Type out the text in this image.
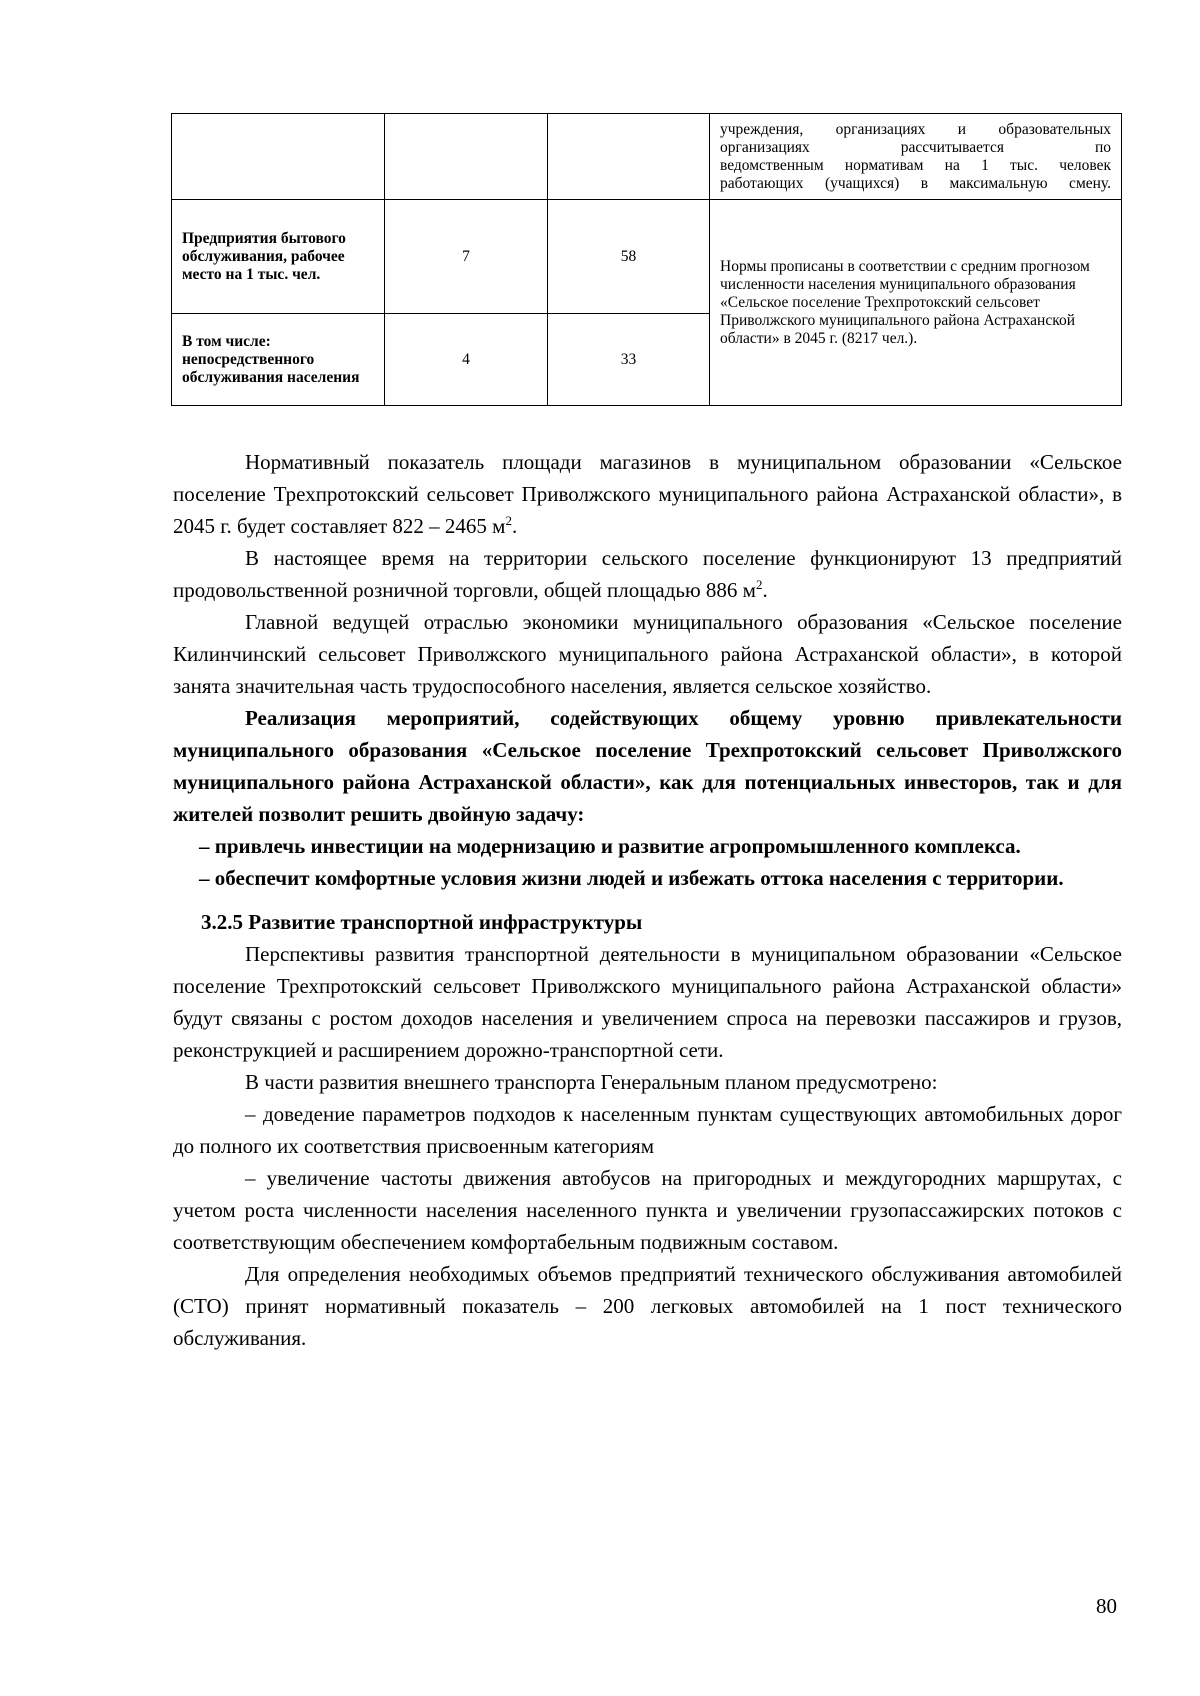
			учреждения, организациях и образовательных
организациях рассчитывается по
ведомственным нормативам на 1 тыс. человек
работающих (учащихся) в максимальную смену.

Предприятия бытового обслуживания, рабочее место на 1 тыс. чел.	7	58	Нормы прописаны в соответствии с средним прогнозом численности населения муниципального образования «Сельское поселение Трехпротокский сельсовет Приволжского муниципального района Астраханской области» в 2045 г. (8217 чел.).
В том числе: непосредственного обслуживания населения	4	33	

Нормативный показатель площади магазинов в муниципальном образовании «Сельское поселение Трехпротокский сельсовет Приволжского муниципального района Астраханской области», в 2045 г. будет составляет 822 – 2465 $м^2$.

В настоящее время на территории сельского поселение функционируют 13 предприятий продовольственной розничной торговли, общей площадью 886 $м^2$.

Главной ведущей отраслью экономики муниципального образования «Сельское поселение Килинчинский сельсовет Приволжского муниципального района Астраханской области», в которой занята значительная часть трудоспособного населения, является сельское хозяйство.

Реализация мероприятий, содействующих общему уровню привлекательности муниципального образования «Сельское поселение Трехпротокский сельсовет Приволжского муниципального района Астраханской области», как для потенциальных инвесторов, так и для жителей позволит решить двойную задачу:

– привлечь инвестиции на модернизацию и развитие агропромышленного комплекса.

– обеспечит комфортные условия жизни людей и избежать оттока населения с территории.

3.2.5 Развитие транспортной инфраструктуры

Перспективы развития транспортной деятельности в муниципальном образовании «Сельское поселение Трехпротокский сельсовет Приволжского муниципального района Астраханской области» будут связаны с ростом доходов населения и увеличением спроса на перевозки пассажиров и грузов, реконструкцией и расширением дорожно-транспортной сети.

В части развития внешнего транспорта Генеральным планом предусмотрено:

– доведение параметров подходов к населенным пунктам существующих автомобильных дорог до полного их соответствия присвоенным категориям

– увеличение частоты движения автобусов на пригородных и междугородних маршрутах, с учетом роста численности населения населенного пункта и увеличении грузопассажирских потоков с соответствующим обеспечением комфортабельным подвижным составом.

Для определения необходимых объемов предприятий технического обслуживания автомобилей (СТО) принят нормативный показатель – 200 легковых автомобилей на 1 пост технического обслуживания.

80
